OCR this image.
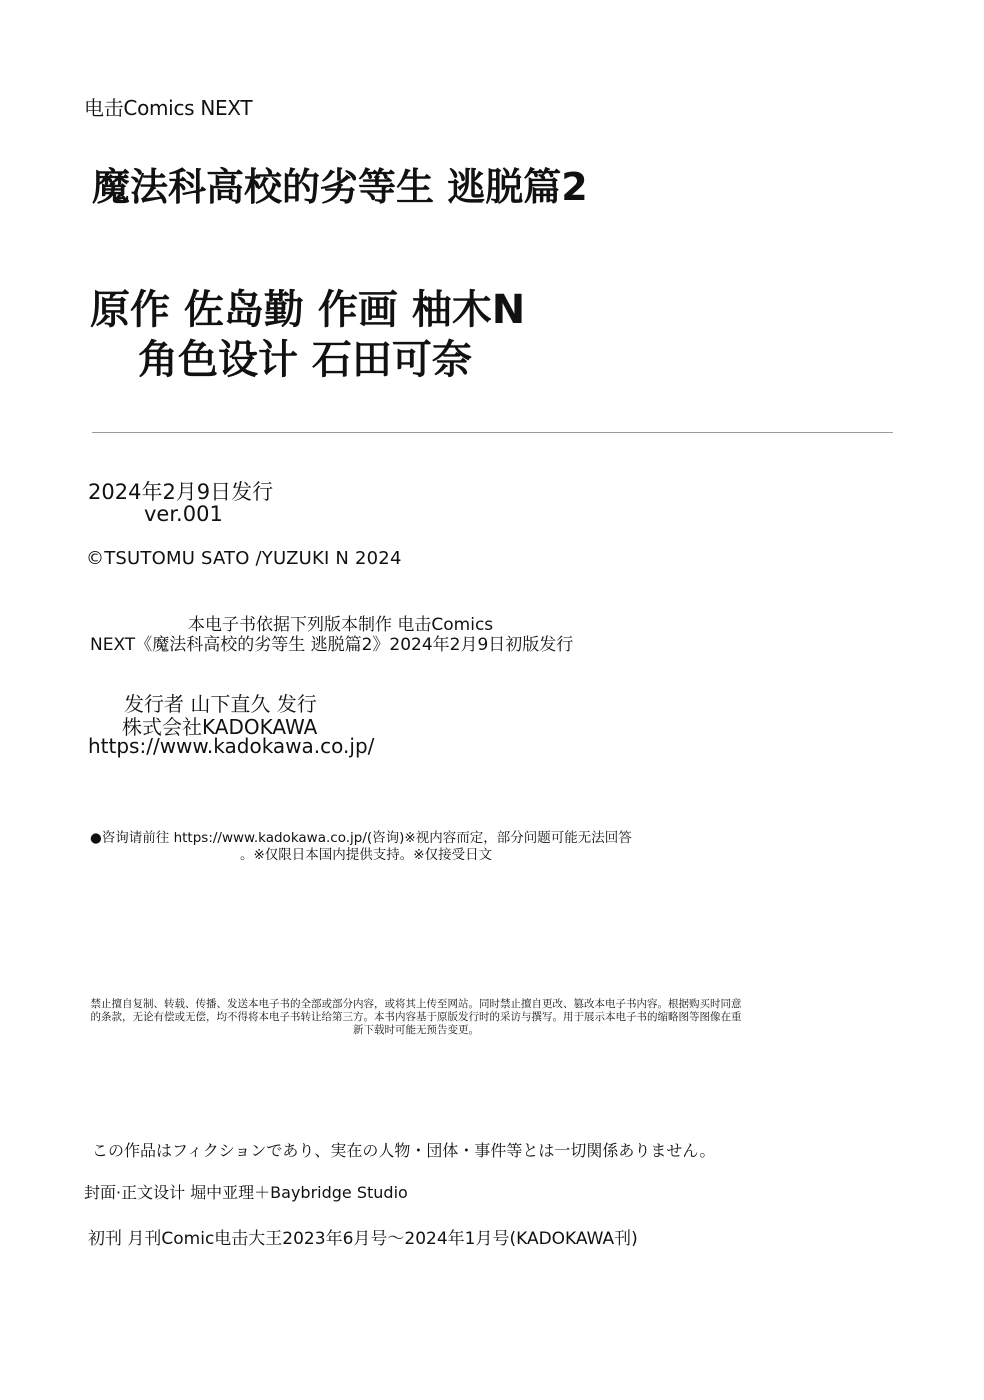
电击Comics NEXT
魔法科高校的劣等生 逃脱篇2
原作 佐岛勤 作画 柚木N
角色设计 石田可奈
2024年2月9日发行
ver.001
©TSUTOMU SATO /YUZUKI N 2024
本电子书依据下列版本制作 电击Comics
NEXT《魔法科高校的劣等生 逃脱篇2》2024年2月9日初版发行
发行者 山下直久 发行
株式会社KADOKAWA
https://www.kadokawa.co.jp/
●咨询请前往 https://www.kadokawa.co.jp/(咨询)※视内容而定，部分问题可能无法回答
。※仅限日本国内提供支持。※仅接受日文
禁止擅自复制、转载、传播、发送本电子书的全部或部分内容，或将其上传至网站。同时禁止擅自更改、篡改本电子书内容。根据购买时同意的条款，无论有偿或无偿，均不得将本电子书转让给第三方。本书内容基于原版发行时的采访与撰写。用于展示本电子书的缩略图等图像在重新下载时可能无预告变更。
この作品はフィクションであり、実在の人物・団体・事件等とは一切関係ありません。
封面·正文设计 堀中亚理＋Baybridge Studio
初刊 月刊Comic电击大王2023年6月号～2024年1月号(KADOKAWA刊)
